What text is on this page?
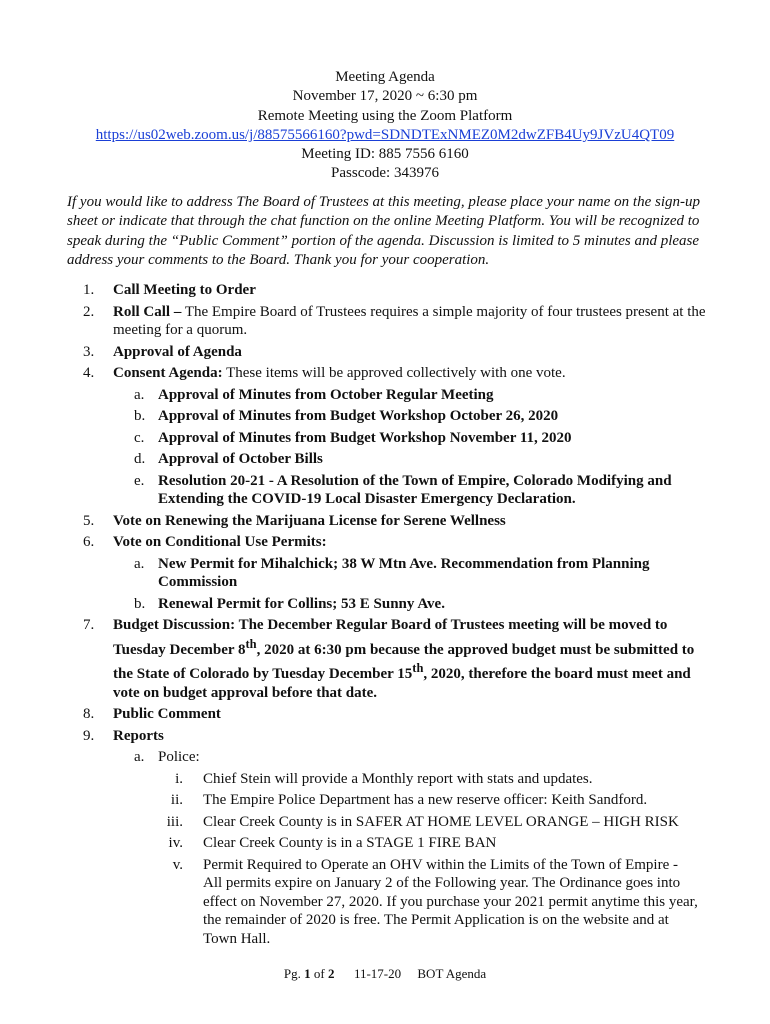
Meeting Agenda
November 17, 2020 ~ 6:30 pm
Remote Meeting using the Zoom Platform
https://us02web.zoom.us/j/88575566160?pwd=SDNDTExNMEZ0M2dwZFB4Uy9JVzU4QT09
Meeting ID: 885 7556 6160
Passcode: 343976
If you would like to address The Board of Trustees at this meeting, please place your name on the sign-up sheet or indicate that through the chat function on the online Meeting Platform. You will be recognized to speak during the “Public Comment” portion of the agenda. Discussion is limited to 5 minutes and please address your comments to the Board. Thank you for your cooperation.
1. Call Meeting to Order
2. Roll Call – The Empire Board of Trustees requires a simple majority of four trustees present at the meeting for a quorum.
3. Approval of Agenda
4. Consent Agenda: These items will be approved collectively with one vote.
a. Approval of Minutes from October Regular Meeting
b. Approval of Minutes from Budget Workshop October 26, 2020
c. Approval of Minutes from Budget Workshop November 11, 2020
d. Approval of October Bills
e. Resolution 20-21 - A Resolution of the Town of Empire, Colorado Modifying and Extending the COVID-19 Local Disaster Emergency Declaration.
5. Vote on Renewing the Marijuana License for Serene Wellness
6. Vote on Conditional Use Permits:
a. New Permit for Mihalchick; 38 W Mtn Ave. Recommendation from Planning Commission
b. Renewal Permit for Collins; 53 E Sunny Ave.
7. Budget Discussion: The December Regular Board of Trustees meeting will be moved to Tuesday December 8th, 2020 at 6:30 pm because the approved budget must be submitted to the State of Colorado by Tuesday December 15th, 2020, therefore the board must meet and vote on budget approval before that date.
8. Public Comment
9. Reports
a. Police:
i. Chief Stein will provide a Monthly report with stats and updates.
ii. The Empire Police Department has a new reserve officer: Keith Sandford.
iii. Clear Creek County is in SAFER AT HOME LEVEL ORANGE – HIGH RISK
iv. Clear Creek County is in a STAGE 1 FIRE BAN
v. Permit Required to Operate an OHV within the Limits of the Town of Empire - All permits expire on January 2 of the Following year. The Ordinance goes into effect on November 27, 2020. If you purchase your 2021 permit anytime this year, the remainder of 2020 is free. The Permit Application is on the website and at Town Hall.
Pg. 1 of 2      11-17-20     BOT Agenda
